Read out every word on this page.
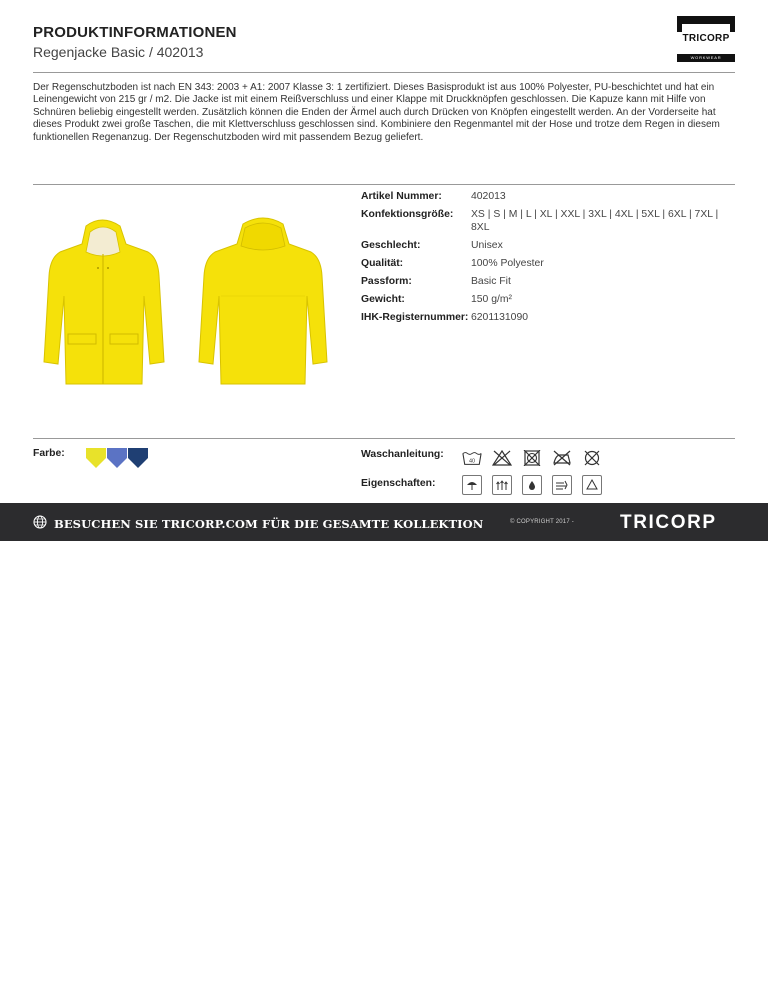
PRODUKTINFORMATIONEN
Regenjacke Basic / 402013
TRICORP
WORKWEAR
Der Regenschutzboden ist nach EN 343: 2003 + A1: 2007 Klasse 3: 1 zertifiziert. Dieses Basisprodukt ist aus 100% Polyester, PU-beschichtet und hat ein Leinengewicht von 215 gr / m2. Die Jacke ist mit einem Reißverschluss und einer Klappe mit Druckknöpfen geschlossen. Die Kapuze kann mit Hilfe von Schnüren beliebig eingestellt werden. Zusätzlich können die Enden der Ärmel auch durch Drücken von Knöpfen eingestellt werden. An der Vorderseite hat dieses Produkt zwei große Taschen, die mit Klettverschluss geschlossen sind. Kombiniere den Regenmantel mit der Hose und trotze dem Regen in diesem funktionellen Regenanzug. Der Regenschutzboden wird mit passendem Bezug geliefert.
Artikel Nummer:	402013
Konfektionsgröße:	XS | S | M | L | XL | XXL | 3XL | 4XL | 5XL | 6XL | 7XL | 8XL
Geschlecht:	Unisex
Qualität:	100% Polyester
Passform:	Basic Fit
Gewicht:	150 g/m²
IHK-Registernummer: 6201131090
Farbe:	Waschanleitung:
40
Eigenschaften:
BESUCHEN SIE TRICORP.COM FÜR DIE GESAMTE KOLLEKTION	© COPYRIGHT 2017 - TRICORP
